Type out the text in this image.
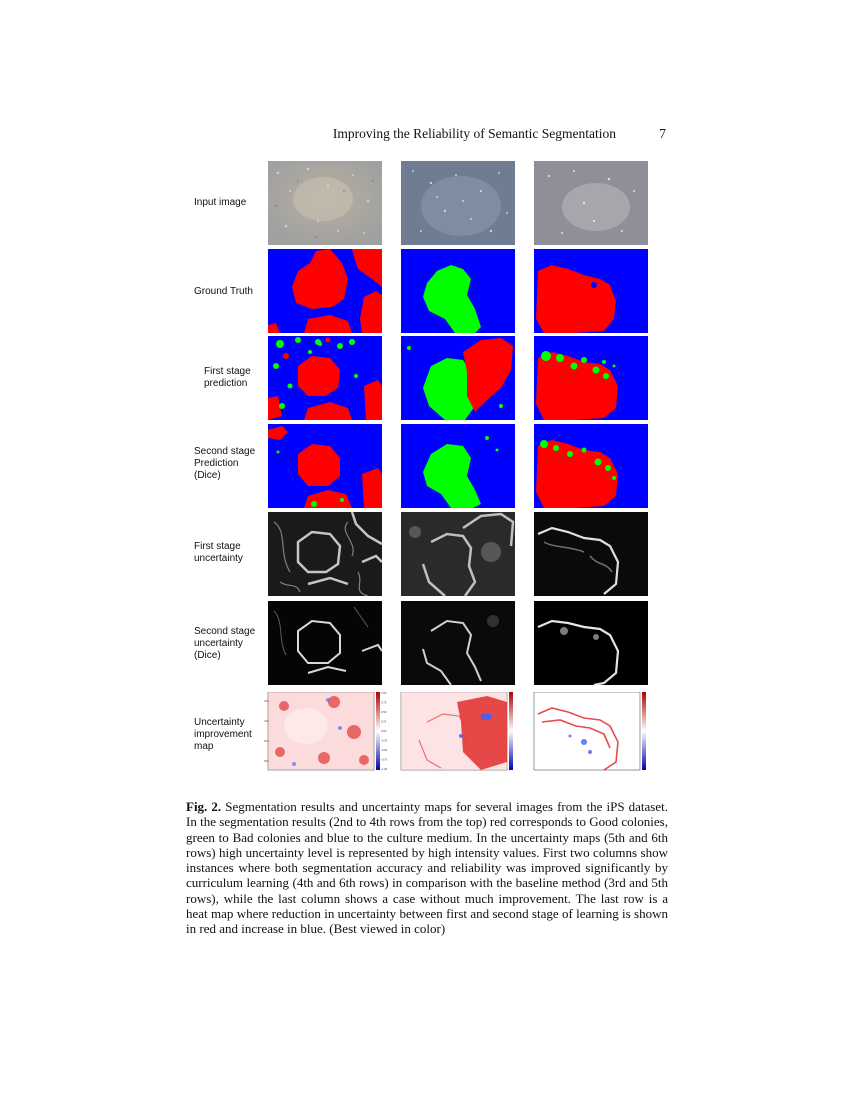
Improving the Reliability of Semantic Segmentation	7
Input image
Ground Truth
First stage prediction
Second stage Prediction (Dice)
First stage uncertainty
Second stage uncertainty (Dice)
Uncertainty improvement map
200
400
600
800
1.00
0.75
0.50
0.25
0.00
-0.25
-0.50
-0.75
-1.00
Fig. 2. Segmentation results and uncertainty maps for several images from the iPS dataset. In the segmentation results (2nd to 4th rows from the top) red corresponds to Good colonies, green to Bad colonies and blue to the culture medium. In the uncertainty maps (5th and 6th rows) high uncertainty level is represented by high intensity values. First two columns show instances where both segmentation accuracy and reliability was improved significantly by curriculum learning (4th and 6th rows) in comparison with the baseline method (3rd and 5th rows), while the last column shows a case without much improvement. The last row is a heat map where reduction in uncertainty between first and second stage of learning is shown in red and increase in blue. (Best viewed in color)
